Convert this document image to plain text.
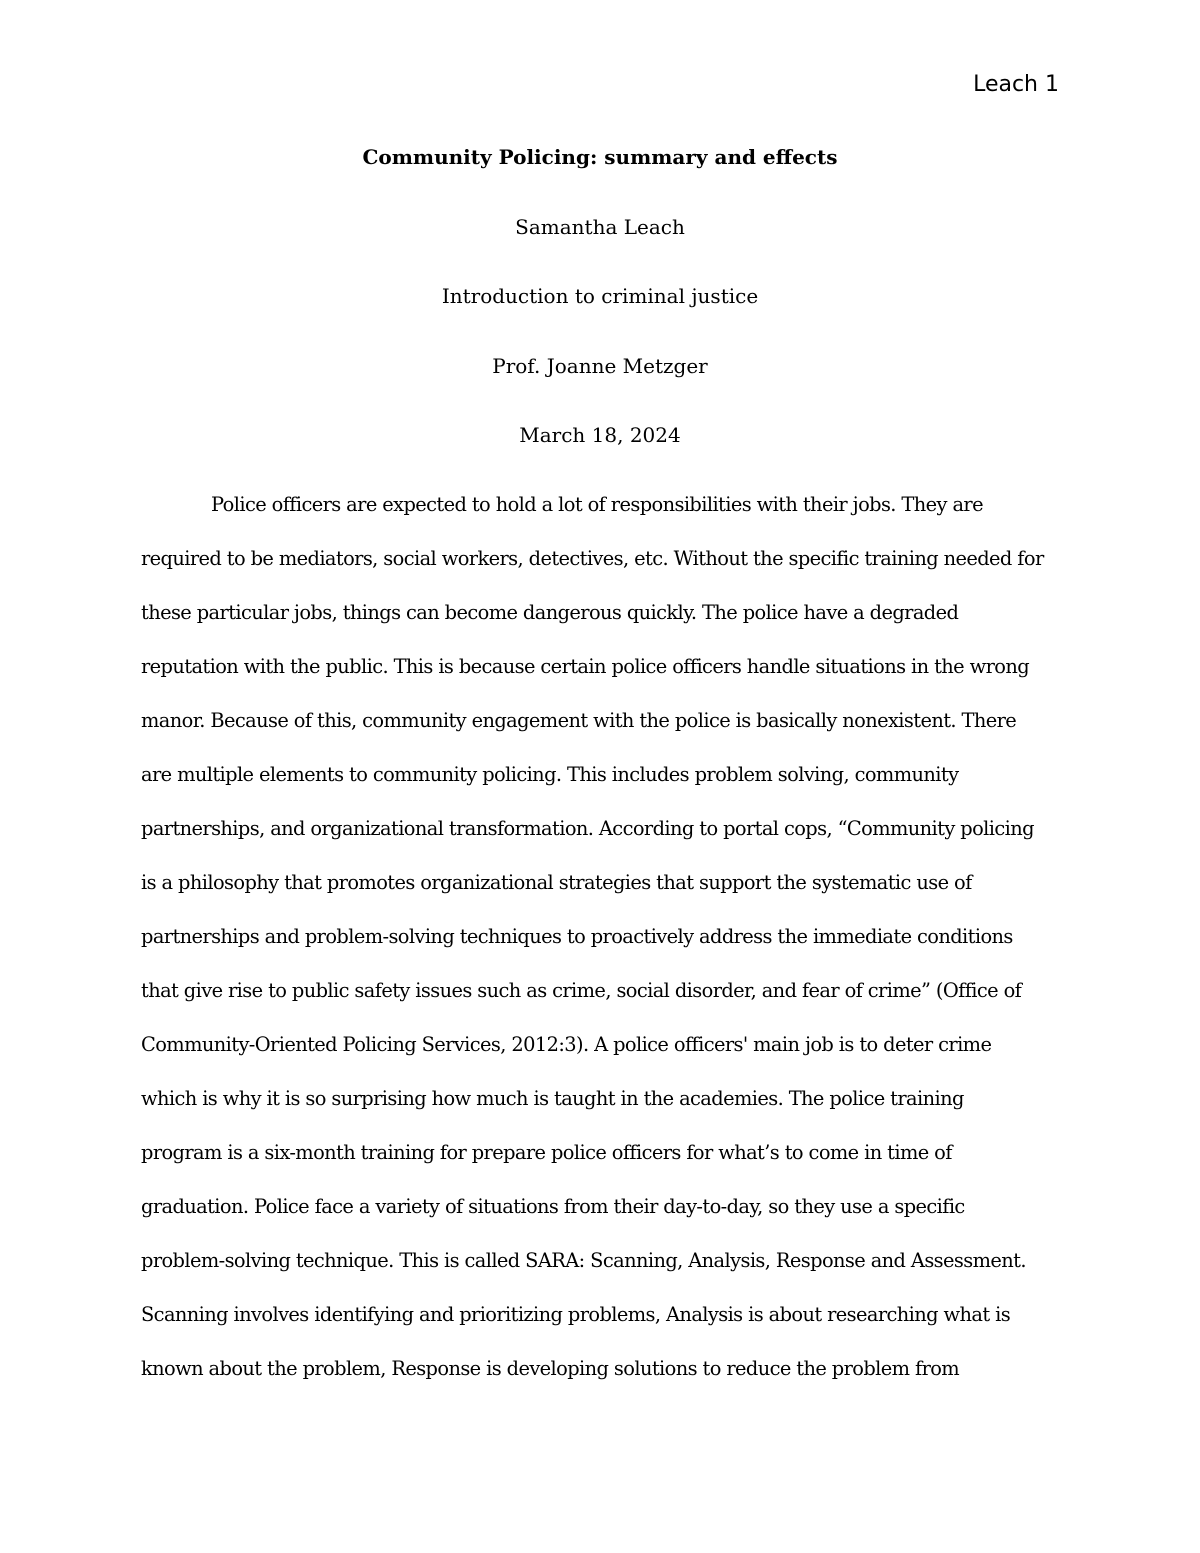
Leach 1
Community Policing: summary and effects
Samantha Leach
Introduction to criminal justice
Prof. Joanne Metzger
March 18, 2024
Police officers are expected to hold a lot of responsibilities with their jobs. They are
required to be mediators, social workers, detectives, etc. Without the specific training needed for
these particular jobs, things can become dangerous quickly. The police have a degraded
reputation with the public. This is because certain police officers handle situations in the wrong
manor. Because of this, community engagement with the police is basically nonexistent. There
are multiple elements to community policing. This includes problem solving, community
partnerships, and organizational transformation. According to portal cops, “Community policing
is a philosophy that promotes organizational strategies that support the systematic use of
partnerships and problem-solving techniques to proactively address the immediate conditions
that give rise to public safety issues such as crime, social disorder, and fear of crime” (Office of
Community-Oriented Policing Services, 2012:3). A police officers' main job is to deter crime
which is why it is so surprising how much is taught in the academies. The police training
program is a six-month training for prepare police officers for what’s to come in time of
graduation. Police face a variety of situations from their day-to-day, so they use a specific
problem-solving technique. This is called SARA: Scanning, Analysis, Response and Assessment.
Scanning involves identifying and prioritizing problems, Analysis is about researching what is
known about the problem, Response is developing solutions to reduce the problem from
